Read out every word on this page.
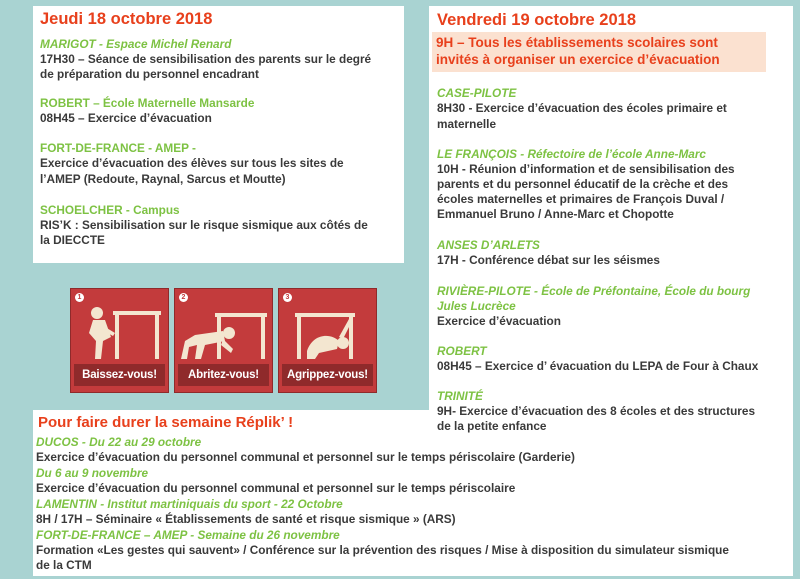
Jeudi 18 octobre 2018
MARIGOT - Espace Michel Renard
17H30 – Séance de sensibilisation des parents sur le degré
de préparation du personnel encadrant
ROBERT – École Maternelle Mansarde
08H45 – Exercice d’évacuation
FORT-DE-FRANCE - AMEP -
Exercice d’évacuation des élèves sur tous les sites de
l’AMEP (Redoute, Raynal, Sarcus et Moutte)
SCHOELCHER - Campus
RIS’K : Sensibilisation sur le risque sismique aux côtés de
la DIECCTE
Vendredi 19 octobre 2018
9H – Tous les établissements scolaires sont
invités à organiser un exercice d’évacuation
CASE-PILOTE
8H30 - Exercice d’évacuation des écoles primaire et
maternelle
LE FRANÇOIS - Réfectoire de l’école Anne-Marc
10H - Réunion d’information et de sensibilisation des
parents et du personnel éducatif de la crèche et des
écoles maternelles et primaires de François Duval /
Emmanuel Bruno / Anne-Marc et Chopotte
ANSES D’ARLETS
17H - Conférence débat sur les séismes
RIVIÈRE-PILOTE - École de Préfontaine, École du bourg
Jules Lucrèce
Exercice d’évacuation
ROBERT
08H45 – Exercice d’ évacuation du LEPA de Four à Chaux
TRINITÉ
9H- Exercice d’évacuation des 8 écoles et des structures
de la petite enfance
1
Baissez-vous!
2
Abritez-vous!
3
Agrippez-vous!
Pour faire durer la semaine Réplik’ !
DUCOS - Du 22 au 29 octobre
Exercice d’évacuation du personnel communal et personnel sur le temps périscolaire (Garderie)
Du 6 au 9 novembre
Exercice d’évacuation du personnel communal et personnel sur le temps périscolaire
LAMENTIN - Institut martiniquais du sport - 22 Octobre
8H / 17H – Séminaire « Établissements de santé et risque sismique » (ARS)
FORT-DE-FRANCE – AMEP - Semaine du 26 novembre
Formation «Les gestes qui sauvent» / Conférence sur la prévention des risques / Mise à disposition du simulateur sismique
de la CTM
